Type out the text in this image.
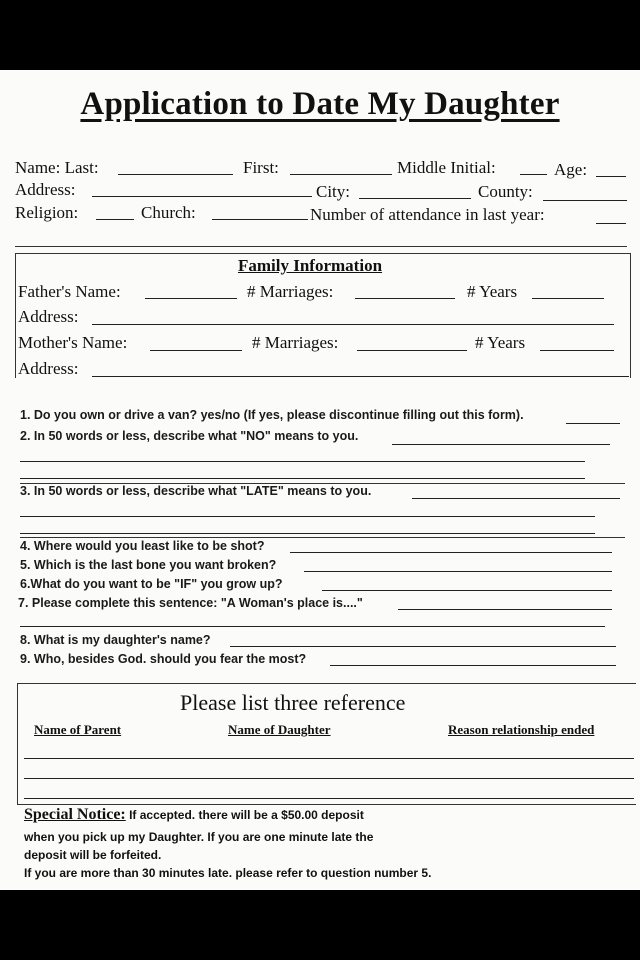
Application to Date My Daughter
Name: Last:	First:	Middle Initial:	Age:
Address:	City:	County:
Religion:	Church:	Number of attendance in last year:
Family Information
Father's Name:	# Marriages:	# Years
Address:
Mother's Name:	# Marriages:	# Years
Address:
1. Do you own or drive a van? yes/no (If yes, please discontinue filling out this form).
2. In 50 words or less, describe what "NO" means to you.
3. In 50 words or less, describe what "LATE" means to you.
4. Where would you least like to be shot?
5. Which is the last bone you want broken?
6.What do you want to be "IF" you grow up?
7. Please complete this sentence: "A Woman's place is...."
8. What is my daughter's name?
9. Who, besides God. should you fear the most?
Please list three reference
Name of Parent	Name of Daughter	Reason relationship ended
Special Notice: If accepted. there will be a $50.00 deposit
when you pick up my Daughter. If you are one minute late the
deposit will be forfeited.
If you are more than 30 minutes late. please refer to question number 5.
